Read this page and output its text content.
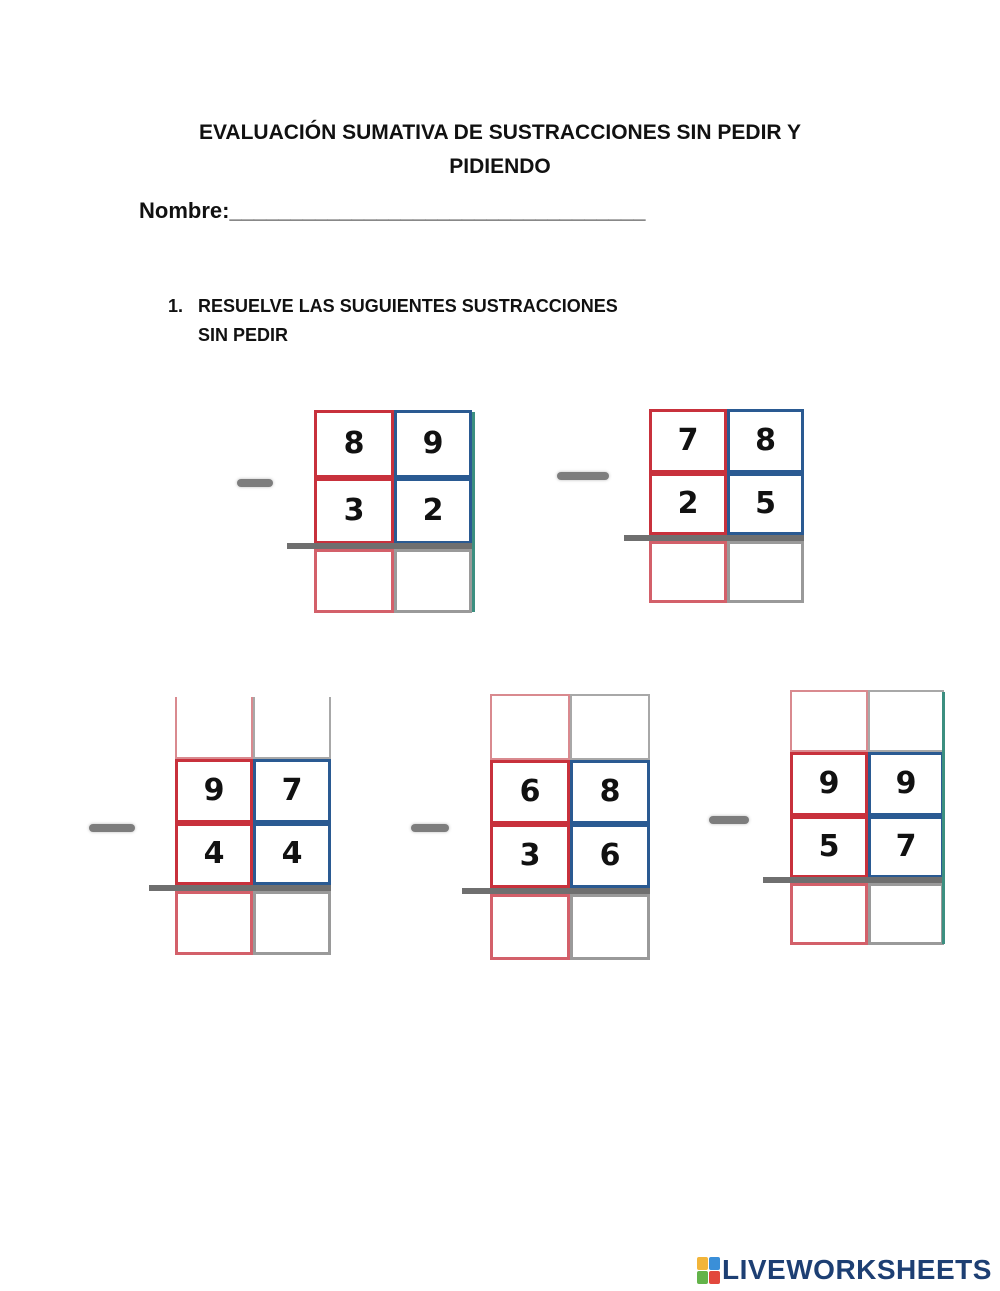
EVALUACIÓN SUMATIVA DE SUSTRACCIONES SIN PEDIR Y
PIDIENDO
Nombre:__________________________________
1. RESUELVE LAS SUGUIENTES SUSTRACCIONES
SIN PEDIR
8	9
3	2
7	8
2	5
9	7
4	4
6	8
3	6
9	9
5	7
LIVEWORKSHEETS
